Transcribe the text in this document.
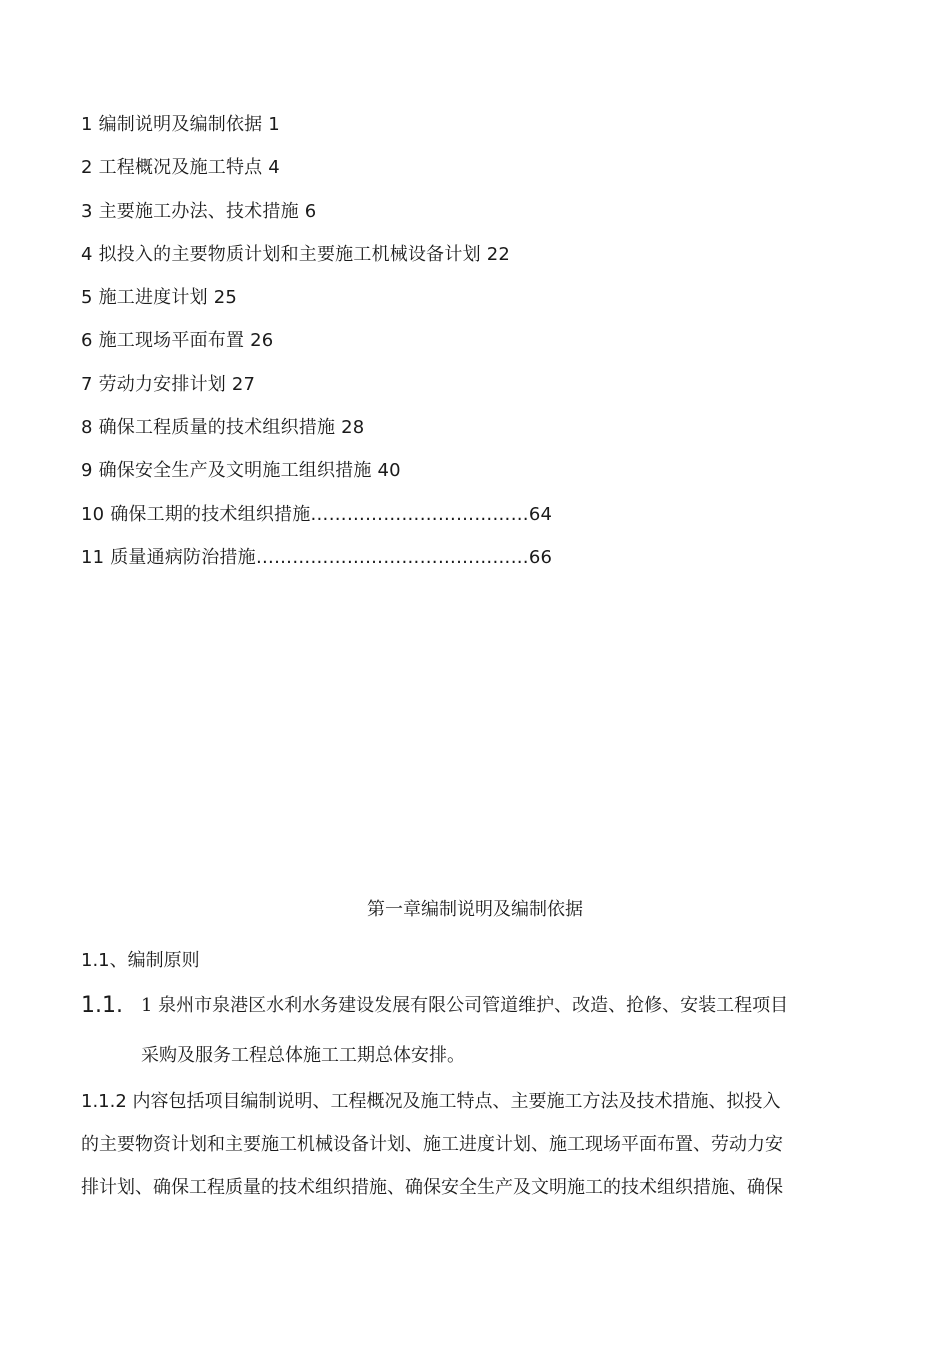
1 编制说明及编制依据 1
2 工程概况及施工特点 4
3 主要施工办法、技术措施 6
4 拟投入的主要物质计划和主要施工机械设备计划 22
5 施工进度计划 25
6 施工现场平面布置 26
7 劳动力安排计划 27
8 确保工程质量的技术组织措施 28
9 确保安全生产及文明施工组织措施 40
10 确保工期的技术组织措施………………………………64
11 质量通病防治措施………………………………………66
第一章编制说明及编制依据
1.1、编制原则
1.1. 1 泉州市泉港区水利水务建设发展有限公司管道维护、改造、抢修、安装工程项目
采购及服务工程总体施工工期总体安排。
1.1.2 内容包括项目编制说明、工程概况及施工特点、主要施工方法及技术措施、拟投入
的主要物资计划和主要施工机械设备计划、施工进度计划、施工现场平面布置、劳动力安
排计划、确保工程质量的技术组织措施、确保安全生产及文明施工的技术组织措施、确保
